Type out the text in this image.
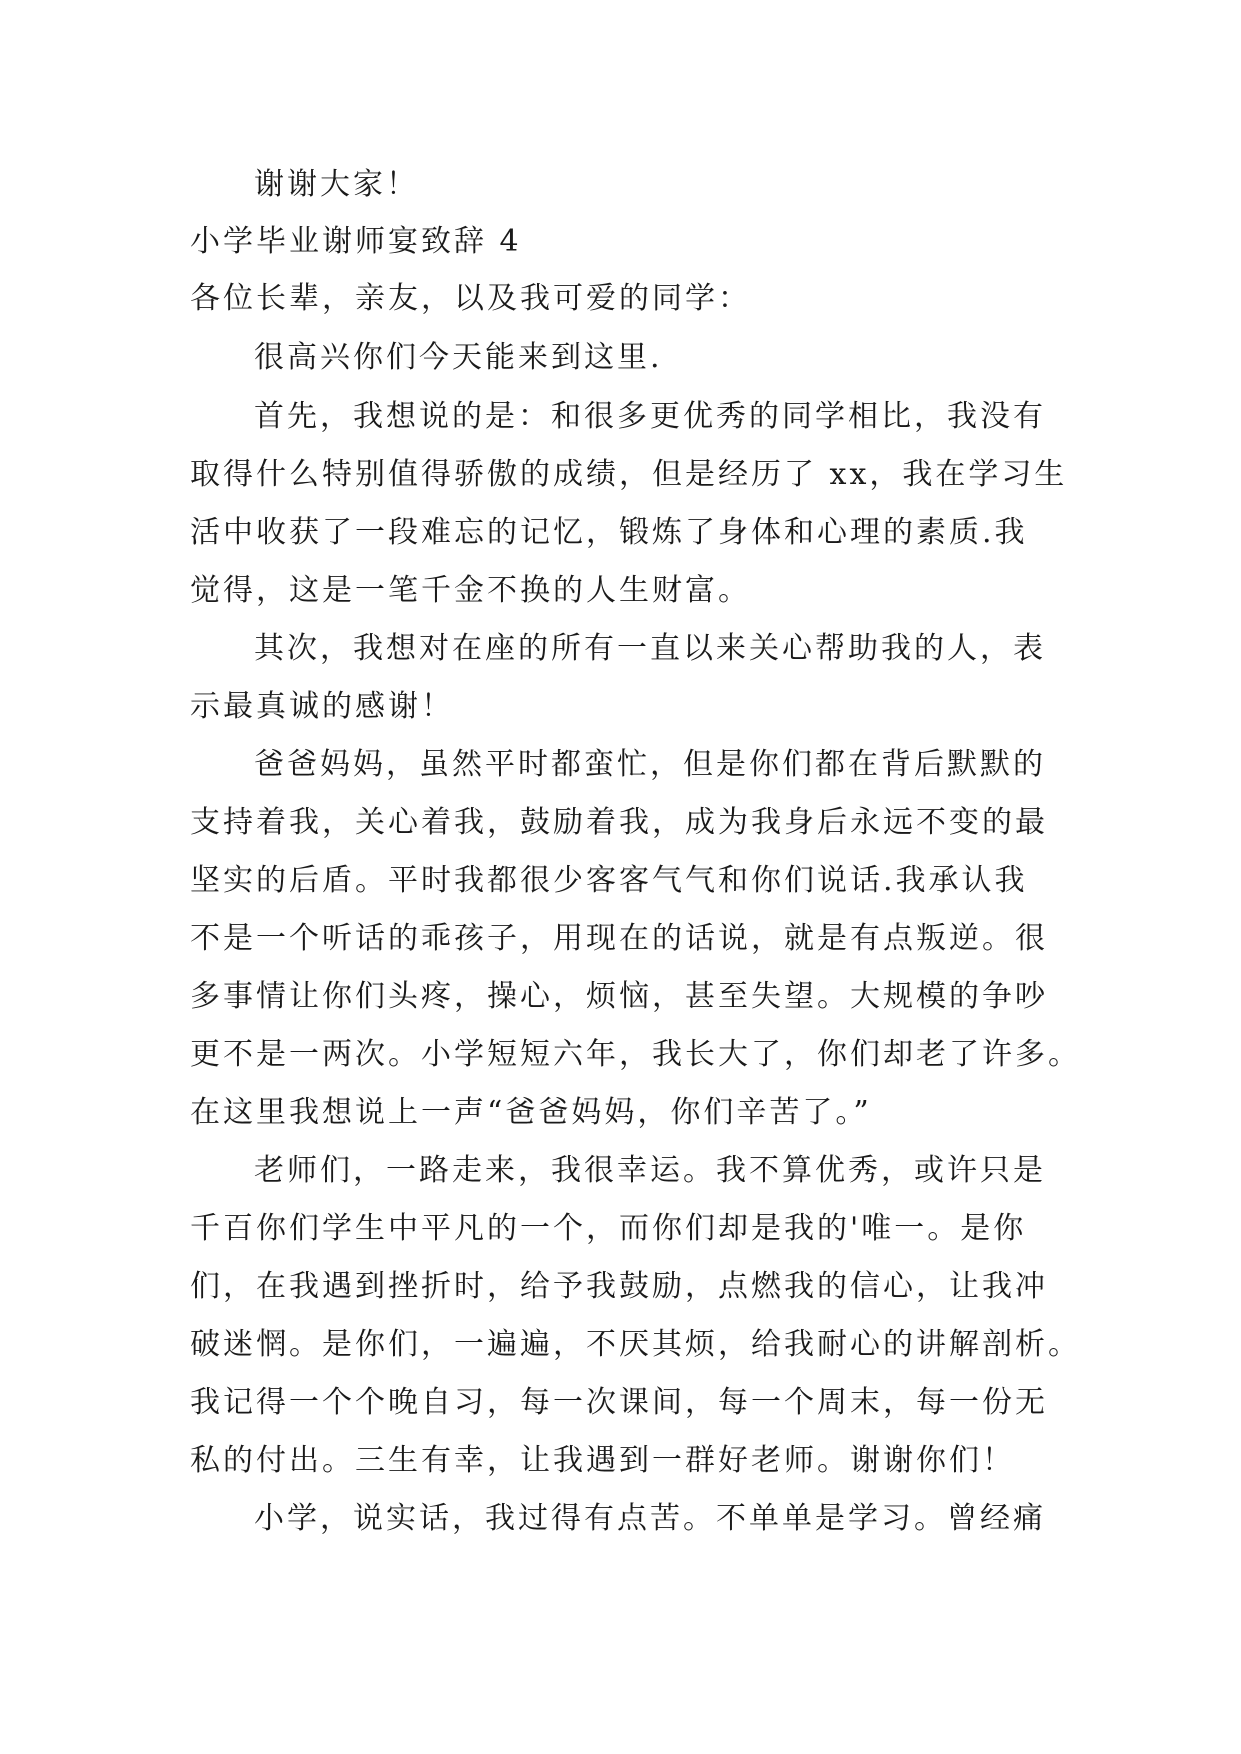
谢谢大家！
小学毕业谢师宴致辞 4
各位长辈，亲友，以及我可爱的同学：
很高兴你们今天能来到这里.
首先，我想说的是：和很多更优秀的同学相比，我没有
取得什么特别值得骄傲的成绩，但是经历了 xx，我在学习生
活中收获了一段难忘的记忆，锻炼了身体和心理的素质.我
觉得，这是一笔千金不换的人生财富。
其次，我想对在座的所有一直以来关心帮助我的人，表
示最真诚的感谢！
爸爸妈妈，虽然平时都蛮忙，但是你们都在背后默默的
支持着我，关心着我，鼓励着我，成为我身后永远不变的最
坚实的后盾。平时我都很少客客气气和你们说话.我承认我
不是一个听话的乖孩子，用现在的话说，就是有点叛逆。很
多事情让你们头疼，操心，烦恼，甚至失望。大规模的争吵
更不是一两次。小学短短六年，我长大了，你们却老了许多。
在这里我想说上一声“爸爸妈妈，你们辛苦了。”
老师们，一路走来，我很幸运。我不算优秀，或许只是
千百你们学生中平凡的一个，而你们却是我的'唯一。是你
们，在我遇到挫折时，给予我鼓励，点燃我的信心，让我冲
破迷惘。是你们，一遍遍，不厌其烦，给我耐心的讲解剖析。
我记得一个个晚自习，每一次课间，每一个周末，每一份无
私的付出。三生有幸，让我遇到一群好老师。谢谢你们！
小学，说实话，我过得有点苦。不单单是学习。曾经痛
